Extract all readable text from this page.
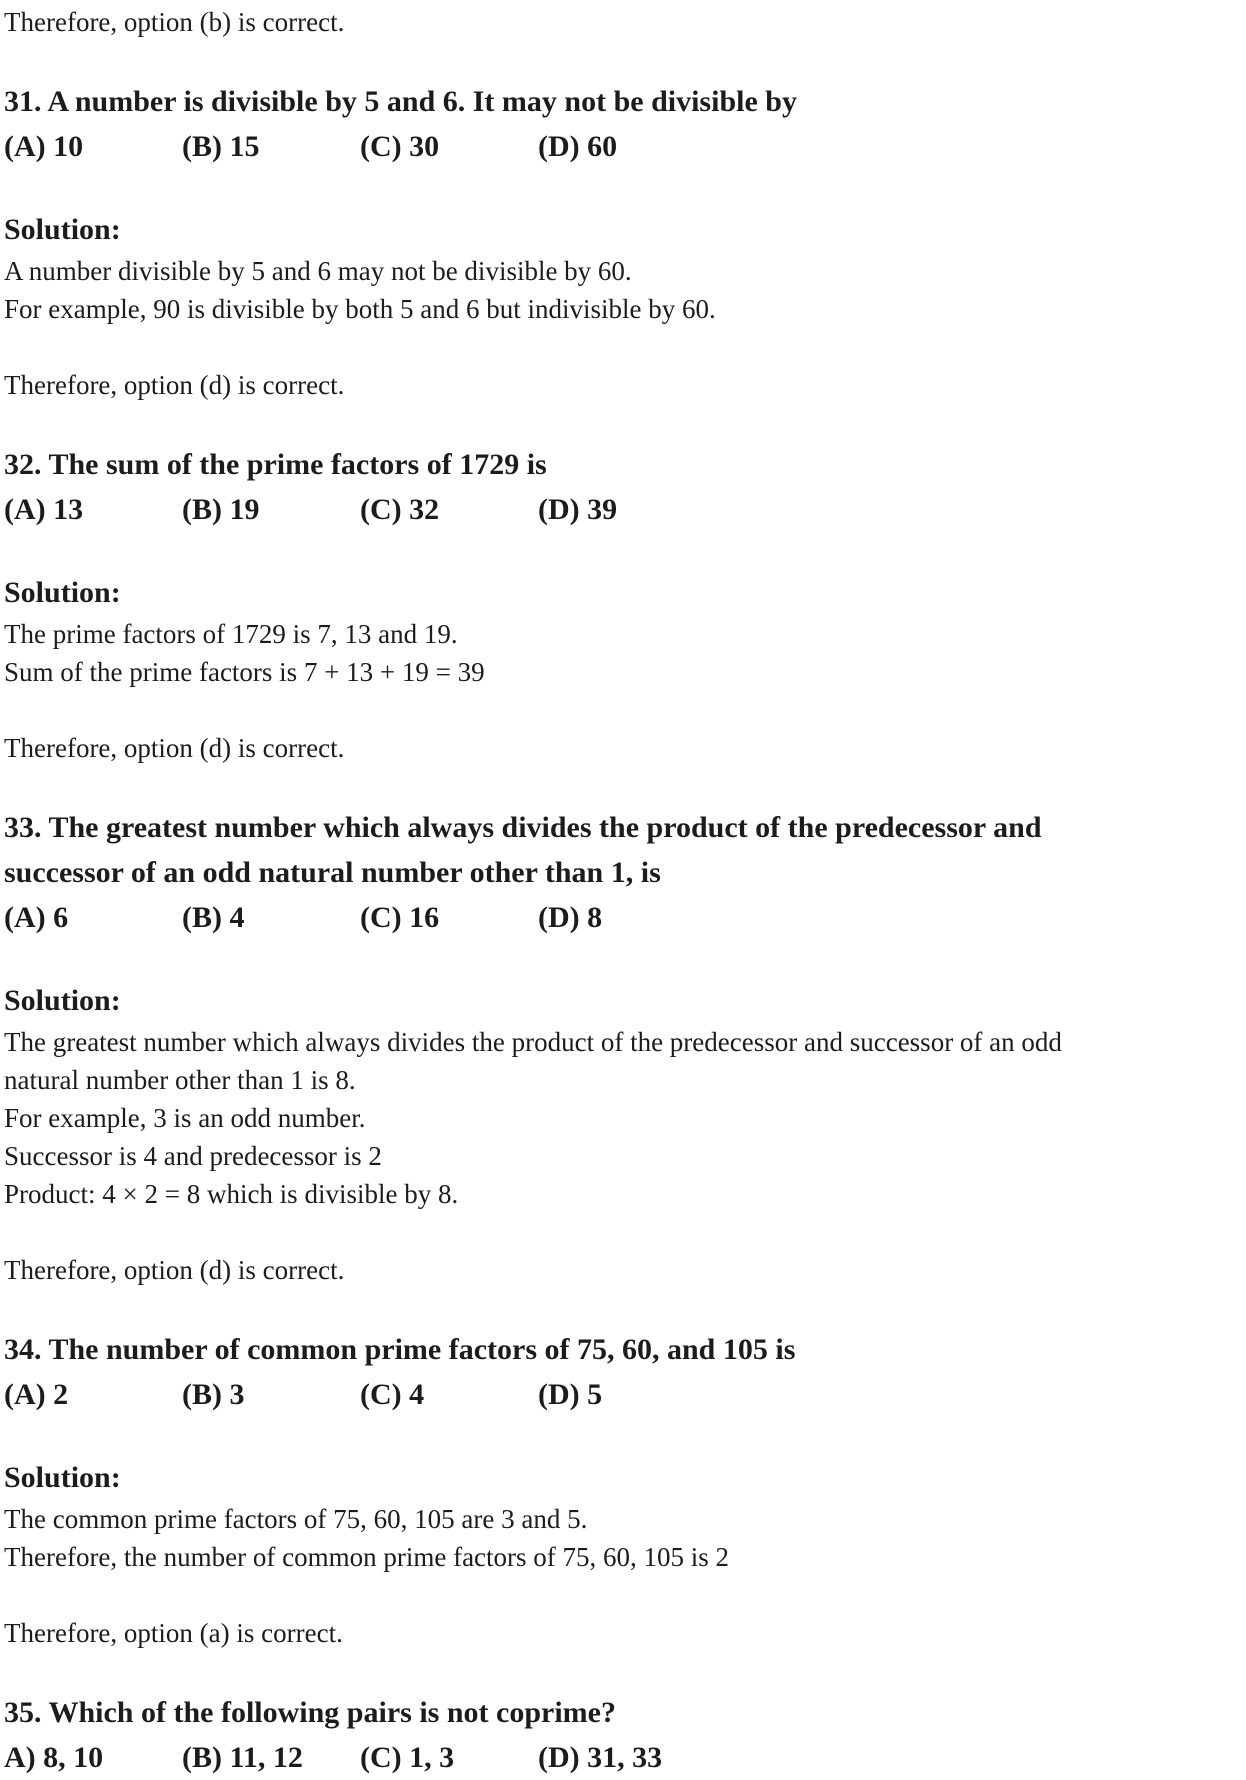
Therefore, option (b) is correct.

31. A number is divisible by 5 and 6. It may not be divisible by

(A) 10	(B) 15	(C) 30	(D) 60

Solution:

A number divisible by 5 and 6 may not be divisible by 60.

For example, 90 is divisible by both 5 and 6 but indivisible by 60.

Therefore, option (d) is correct.

32. The sum of the prime factors of 1729 is

(A) 13	(B) 19	(C) 32	(D) 39

Solution:

The prime factors of 1729 is 7, 13 and 19.

Sum of the prime factors is 7 + 13 + 19 = 39

Therefore, option (d) is correct.

33. The greatest number which always divides the product of the predecessor and successor of an odd natural number other than 1, is

(A) 6	(B) 4	(C) 16	(D) 8

Solution:

The greatest number which always divides the product of the predecessor and successor of an odd natural number other than 1 is 8.

For example, 3 is an odd number.

Successor is 4 and predecessor is 2

Product: 4 × 2 = 8 which is divisible by 8.

Therefore, option (d) is correct.

34. The number of common prime factors of 75, 60, and 105 is

(A) 2	(B) 3	(C) 4	(D) 5

Solution:

The common prime factors of 75, 60, 105 are 3 and 5.

Therefore, the number of common prime factors of 75, 60, 105 is 2

Therefore, option (a) is correct.

35. Which of the following pairs is not coprime?

A) 8, 10	(B) 11, 12 (C) 1, 3	(D) 31, 33
